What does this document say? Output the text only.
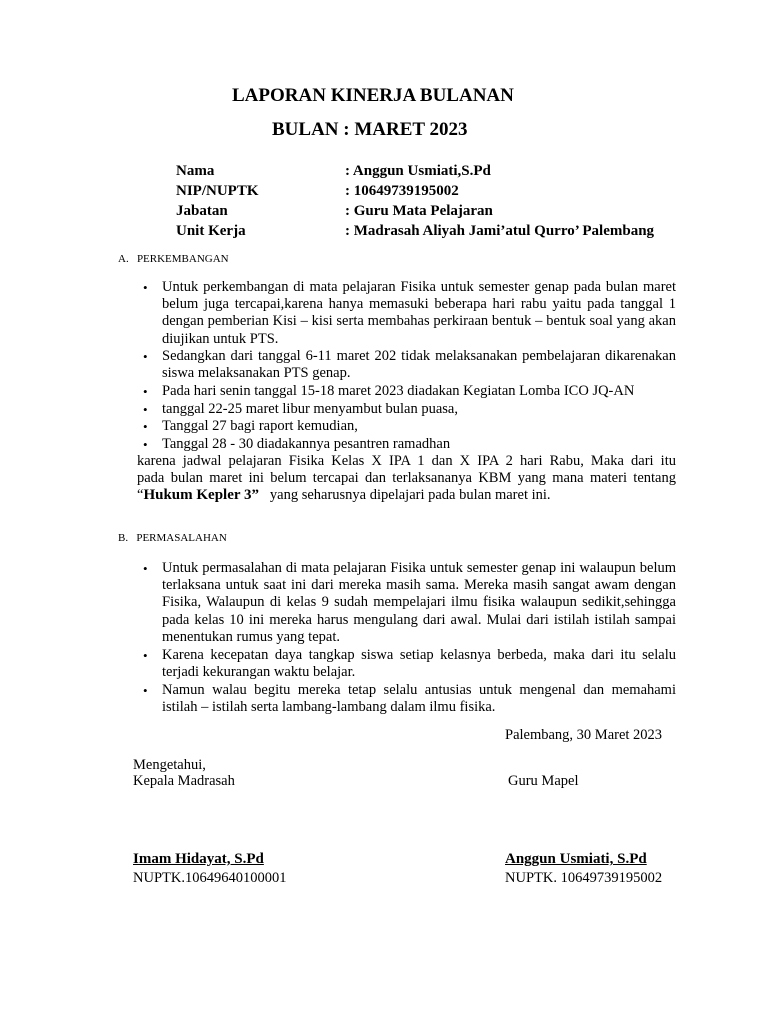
LAPORAN KINERJA BULANAN
BULAN : MARET 2023
Nama	: Anggun Usmiati,S.Pd
NIP/NUPTK	: 10649739195002
Jabatan	: Guru Mata Pelajaran
Unit Kerja	: Madrasah Aliyah Jami’atul Qurro’ Palembang
A.   PERKEMBANGAN
• Untuk perkembangan di mata pelajaran Fisika untuk semester genap pada bulan maret belum juga tercapai,karena hanya memasuki beberapa hari rabu yaitu pada tanggal 1 dengan pemberian Kisi – kisi serta membahas perkiraan bentuk – bentuk soal yang akan diujikan untuk PTS.
• Sedangkan dari tanggal 6-11 maret 202 tidak melaksanakan pembelajaran dikarenakan siswa melaksanakan PTS genap.
• Pada hari senin tanggal 15-18 maret 2023 diadakan Kegiatan Lomba ICO JQ-AN
• tanggal 22-25 maret libur menyambut bulan puasa,
• Tanggal 27 bagi raport kemudian,
• Tanggal 28 - 30 diadakannya pesantren ramadhan
karena jadwal pelajaran Fisika Kelas X IPA 1 dan X IPA 2 hari Rabu, Maka dari itu
pada bulan maret ini belum tercapai dan terlaksananya KBM yang mana materi tentang
“Hukum Kepler 3” yang seharusnya dipelajari pada bulan maret ini.
B.   PERMASALAHAN
• Untuk permasalahan di mata pelajaran Fisika untuk semester genap ini walaupun belum terlaksana untuk saat ini dari mereka masih sama. Mereka masih sangat awam dengan Fisika, Walaupun di kelas 9 sudah mempelajari ilmu fisika walaupun sedikit,sehingga pada kelas 10 ini mereka harus mengulang dari awal. Mulai dari istilah istilah sampai menentukan rumus yang tepat.
• Karena kecepatan daya tangkap siswa setiap kelasnya berbeda, maka dari itu selalu terjadi kekurangan waktu belajar.
• Namun walau begitu mereka tetap selalu antusias untuk mengenal dan memahami istilah – istilah serta lambang-lambang dalam ilmu fisika.
Palembang, 30 Maret 2023
Mengetahui,
Kepala Madrasah	Guru Mapel
Imam Hidayat, S.Pd
NUPTK.10649640100001
Anggun Usmiati, S.Pd
NUPTK. 10649739195002
